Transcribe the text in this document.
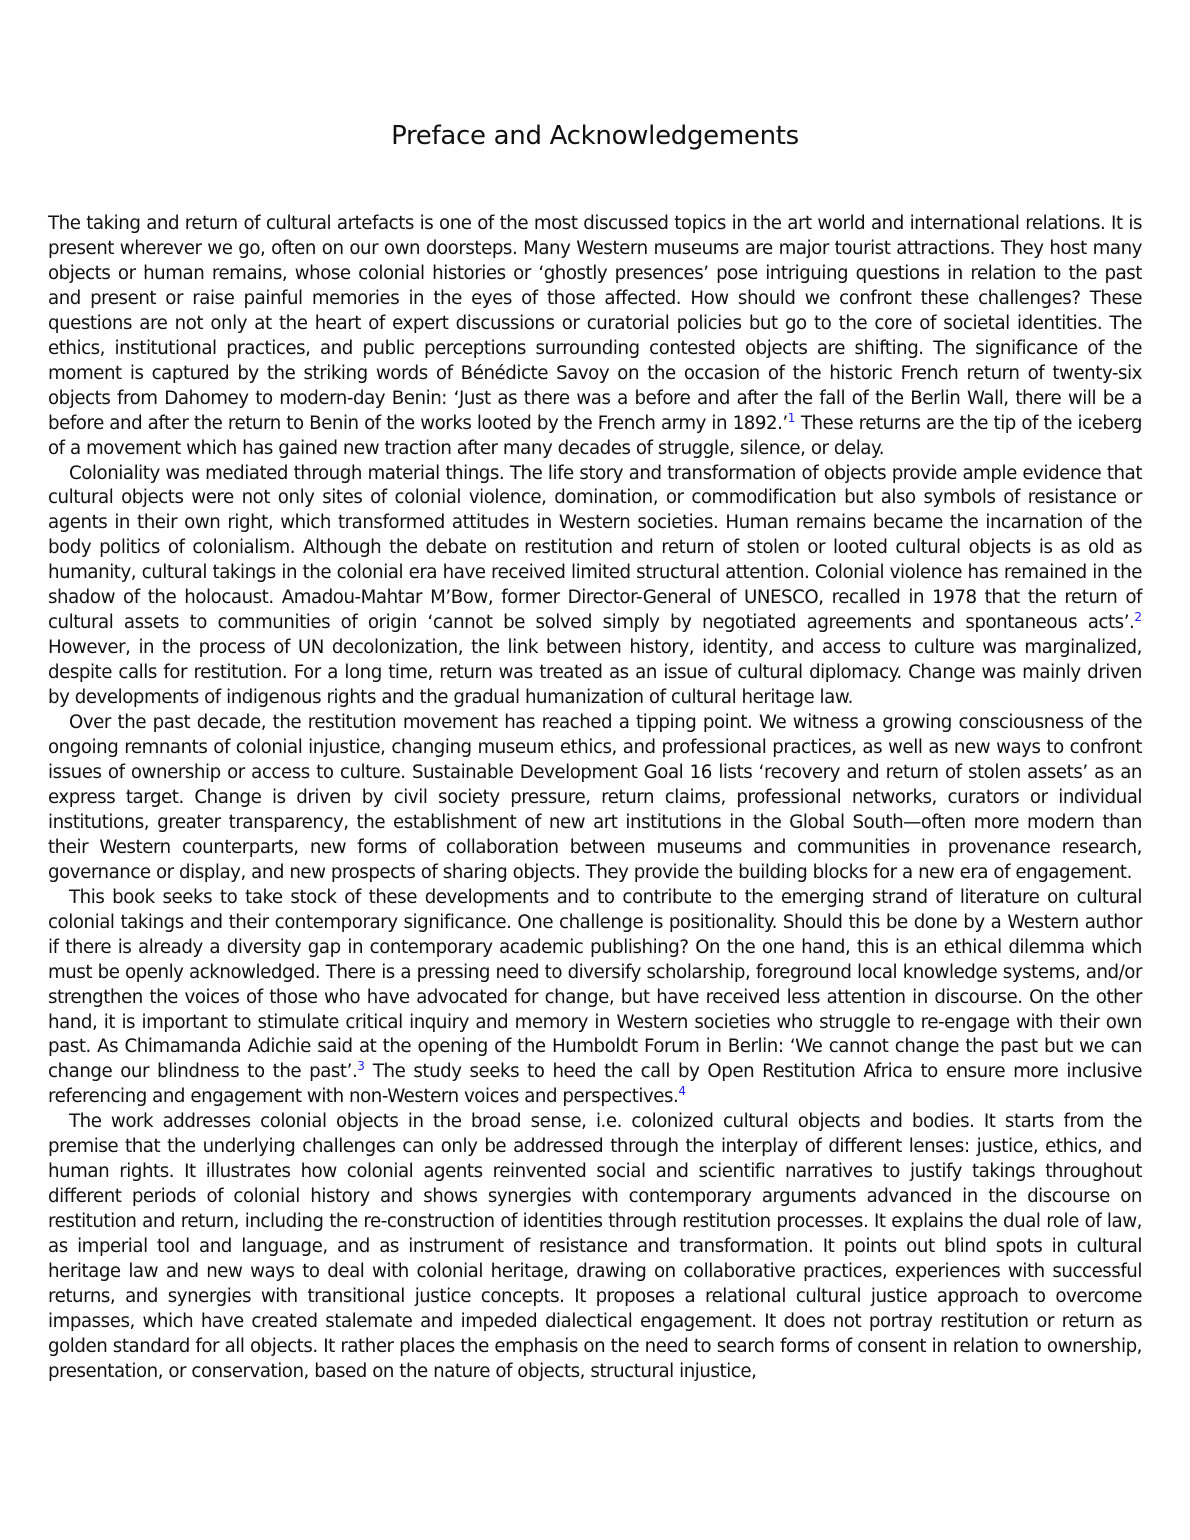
Preface and Acknowledgements

The taking and return of cultural artefacts is one of the most discussed topics in the art world and international relations. It is present wherever we go, often on our own doorsteps. Many Western museums are major tourist attractions. They host many objects or human remains, whose colonial histories or ‘ghostly presences’ pose intriguing questions in relation to the past and present or raise painful memories in the eyes of those affected. How should we confront these challenges? These questions are not only at the heart of expert discussions or curatorial policies but go to the core of societal identities. The ethics, institutional practices, and public perceptions surrounding contested objects are shifting. The significance of the moment is captured by the striking words of Bénédicte Savoy on the occasion of the historic French return of twenty-six objects from Dahomey to modern-day Benin: ‘Just as there was a before and after the fall of the Berlin Wall, there will be a before and after the return to Benin of the works looted by the French army in 1892.’$^1$ These returns are the tip of the iceberg of a movement which has gained new traction after many decades of struggle, silence, or delay.

Coloniality was mediated through material things. The life story and transformation of objects provide ample evidence that cultural objects were not only sites of colonial violence, domination, or commodification but also symbols of resistance or agents in their own right, which transformed attitudes in Western societies. Human remains became the incarnation of the body politics of colonialism. Although the debate on restitution and return of stolen or looted cultural objects is as old as humanity, cultural takings in the colonial era have received limited structural attention. Colonial violence has remained in the shadow of the holocaust. Amadou-Mahtar M’Bow, former Director-General of UNESCO, recalled in 1978 that the return of cultural assets to communities of origin ‘cannot be solved simply by negotiated agreements and spontaneous acts’.$^2$ However, in the process of UN decolonization, the link between history, identity, and access to culture was marginalized, despite calls for restitution. For a long time, return was treated as an issue of cultural diplomacy. Change was mainly driven by developments of indigenous rights and the gradual humanization of cultural heritage law.

Over the past decade, the restitution movement has reached a tipping point. We witness a growing consciousness of the ongoing remnants of colonial injustice, changing museum ethics, and professional practices, as well as new ways to confront issues of ownership or access to culture. Sustainable Development Goal 16 lists ‘recovery and return of stolen assets’ as an express target. Change is driven by civil society pressure, return claims, professional networks, curators or individual institutions, greater transparency, the establishment of new art institutions in the Global South—often more modern than their Western counterparts, new forms of collaboration between museums and communities in provenance research, governance or display, and new prospects of sharing objects. They provide the building blocks for a new era of engagement.

This book seeks to take stock of these developments and to contribute to the emerging strand of literature on cultural colonial takings and their contemporary significance. One challenge is positionality. Should this be done by a Western author if there is already a diversity gap in contemporary academic publishing? On the one hand, this is an ethical dilemma which must be openly acknowledged. There is a pressing need to diversify scholarship, foreground local knowledge systems, and/or strengthen the voices of those who have advocated for change, but have received less attention in discourse. On the other hand, it is important to stimulate critical inquiry and memory in Western societies who struggle to re-engage with their own past. As Chimamanda Adichie said at the opening of the Humboldt Forum in Berlin: ‘We cannot change the past but we can change our blindness to the past’.$^3$ The study seeks to heed the call by Open Restitution Africa to ensure more inclusive referencing and engagement with non-Western voices and perspectives.$^4$

The work addresses colonial objects in the broad sense, i.e. colonized cultural objects and bodies. It starts from the premise that the underlying challenges can only be addressed through the interplay of different lenses: justice, ethics, and human rights. It illustrates how colonial agents reinvented social and scientific narratives to justify takings throughout different periods of colonial history and shows synergies with contemporary arguments advanced in the discourse on restitution and return, including the re-construction of identities through restitution processes. It explains the dual role of law, as imperial tool and language, and as instrument of resistance and transformation. It points out blind spots in cultural heritage law and new ways to deal with colonial heritage, drawing on collaborative practices, experiences with successful returns, and synergies with transitional justice concepts. It proposes a relational cultural justice approach to overcome impasses, which have created stalemate and impeded dialectical engagement. It does not portray restitution or return as golden standard for all objects. It rather places the emphasis on the need to search forms of consent in relation to ownership, presentation, or conservation, based on the nature of objects, structural injustice,
